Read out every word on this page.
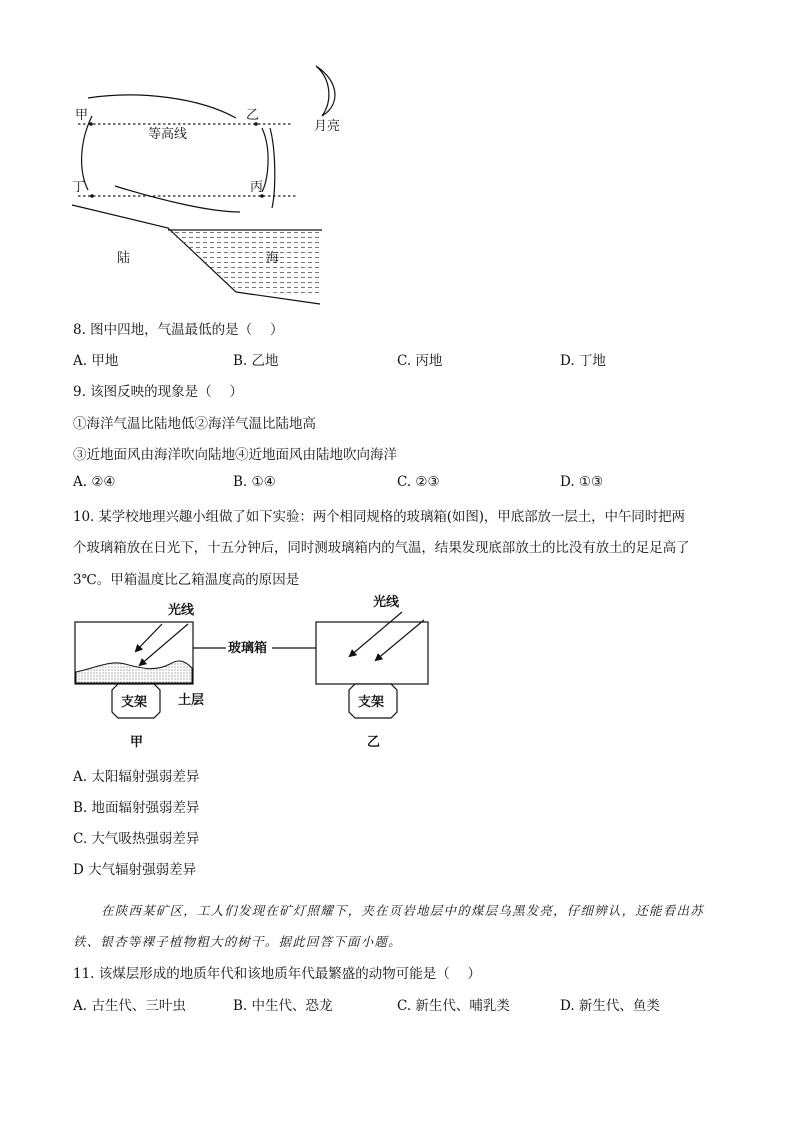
甲	乙
丁	丙
等高线
月亮
陆	海
8. 图中四地，气温最低的是（　 ）
A. 甲地	B. 乙地	C. 丙地	D. 丁地
9. 该图反映的现象是（　 ）
①海洋气温比陆地低②海洋气温比陆地高
③近地面风由海洋吹向陆地④近地面风由陆地吹向海洋
A. ②④	B. ①④	C. ②③	D. ①③
10. 某学校地理兴趣小组做了如下实验：两个相同规格的玻璃箱(如图)，甲底部放一层土，中午同时把两
个玻璃箱放在日光下，十五分钟后，同时测玻璃箱内的气温，结果发现底部放土的比没有放土的足足高了
3℃。甲箱温度比乙箱温度高的原因是
光线
光线
玻璃箱
土层
支架	支架
甲	乙
A. 太阳辐射强弱差异
B. 地面辐射强弱差异
C. 大气吸热强弱差异
D 大气辐射强弱差异
在陕西某矿区，工人们发现在矿灯照耀下，夹在页岩地层中的煤层乌黑发亮，仔细辨认，还能看出苏
铁、银杏等裸子植物粗大的树干。据此回答下面小题。
11. 该煤层形成的地质年代和该地质年代最繁盛的动物可能是（　 ）
A. 古生代、三叶虫	B. 中生代、恐龙	C. 新生代、哺乳类	D. 新生代、鱼类
